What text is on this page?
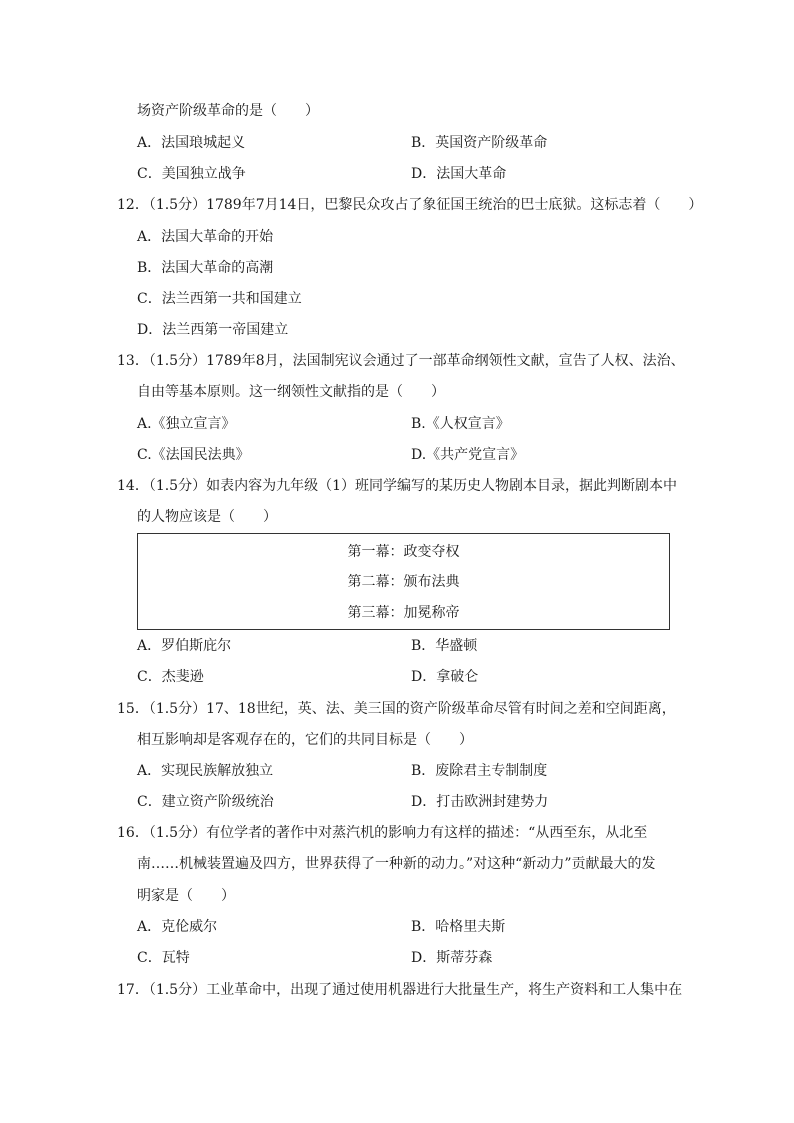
场资产阶级革命的是（　　）
A．法国琅城起义	B．英国资产阶级革命
C．美国独立战争	D．法国大革命
12．（1.5分）1789年7月14日，巴黎民众攻占了象征国王统治的巴士底狱。这标志着（　　）
A．法国大革命的开始
B．法国大革命的高潮
C．法兰西第一共和国建立
D．法兰西第一帝国建立
13．（1.5分）1789年8月，法国制宪议会通过了一部革命纲领性文献，宣告了人权、法治、
自由等基本原则。这一纲领性文献指的是（　　）
A.《独立宣言》	B.《人权宣言》
C.《法国民法典》	D.《共产党宣言》
14．（1.5分）如表内容为九年级（1）班同学编写的某历史人物剧本目录，据此判断剧本中
的人物应该是（　　）
第一幕：政变夺权
第二幕：颁布法典
第三幕：加冕称帝
A．罗伯斯庇尔	B．华盛顿
C．杰斐逊	D．拿破仑
15．（1.5分）17、18世纪，英、法、美三国的资产阶级革命尽管有时间之差和空间距离，
相互影响却是客观存在的，它们的共同目标是（　　）
A．实现民族解放独立	B．废除君主专制制度
C．建立资产阶级统治	D．打击欧洲封建势力
16．（1.5分）有位学者的著作中对蒸汽机的影响力有这样的描述：“从西至东，从北至
南……机械装置遍及四方，世界获得了一种新的动力。”对这种“新动力”贡献最大的发
明家是（　　）
A．克伦威尔	B．哈格里夫斯
C．瓦特	D．斯蒂芬森
17．（1.5分）工业革命中，出现了通过使用机器进行大批量生产，将生产资料和工人集中在
